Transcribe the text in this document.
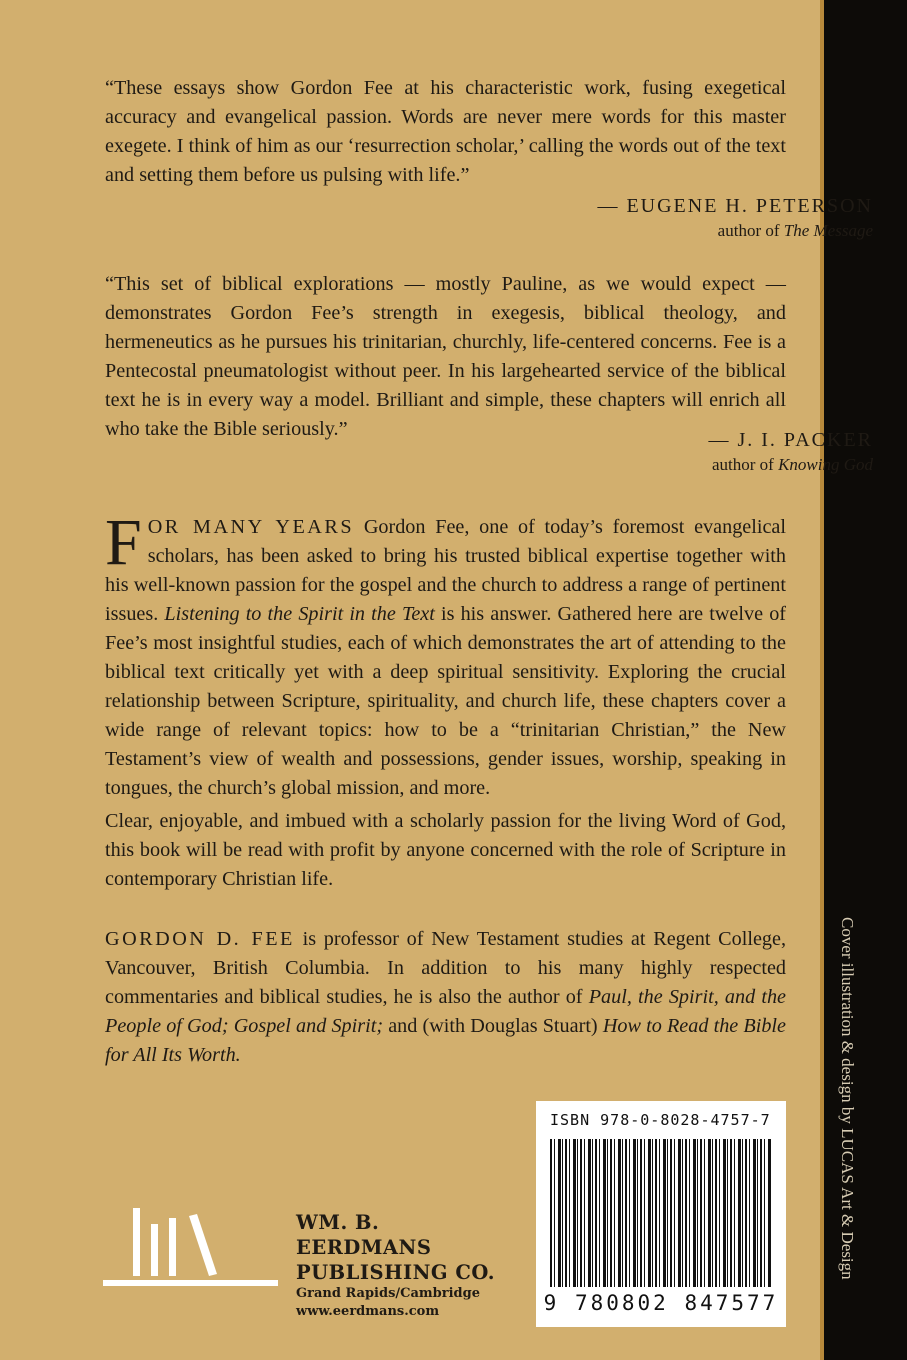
Cover illustration & design by LUCAS Art & Design

“These essays show Gordon Fee at his characteristic work, fusing exegetical accuracy and evangelical passion. Words are never mere words for this master exegete. I think of him as our ‘resurrection scholar,’ calling the words out of the text and setting them before us pulsing with life.”

— EUGENE H. PETERSON
author of The Message

“This set of biblical explorations — mostly Pauline, as we would expect — demonstrates Gordon Fee’s strength in exegesis, biblical theology, and hermeneutics as he pursues his trinitarian, churchly, life-centered concerns. Fee is a Pentecostal pneumatologist without peer. In his largehearted service of the biblical text he is in every way a model. Brilliant and simple, these chapters will enrich all who take the Bible seriously.”	— J. I. PACKER
author of Knowing God

FOR MANY YEARS Gordon Fee, one of today’s foremost evangelical scholars, has been asked to bring his trusted biblical expertise together with his well-known passion for the gospel and the church to address a range of pertinent issues. Listening to the Spirit in the Text is his answer. Gathered here are twelve of Fee’s most insightful studies, each of which demonstrates the art of attending to the biblical text critically yet with a deep spiritual sensitivity. Exploring the crucial relationship between Scripture, spirituality, and church life, these chapters cover a wide range of relevant topics: how to be a “trinitarian Christian,” the New Testament’s view of wealth and possessions, gender issues, worship, speaking in tongues, the church’s global mission, and more.

Clear, enjoyable, and imbued with a scholarly passion for the living Word of God, this book will be read with profit by anyone concerned with the role of Scripture in contemporary Christian life.

GORDON D. FEE is professor of New Testament studies at Regent College, Vancouver, British Columbia. In addition to his many highly respected commentaries and biblical studies, he is also the author of Paul, the Spirit, and the People of God; Gospel and Spirit; and (with Douglas Stuart) How to Read the Bible for All Its Worth.

ISBN 978-0-8028-4757-7
9 780802 847577
WM. B. EERDMANS
PUBLISHING CO.
Grand Rapids/Cambridge
www.eerdmans.com
